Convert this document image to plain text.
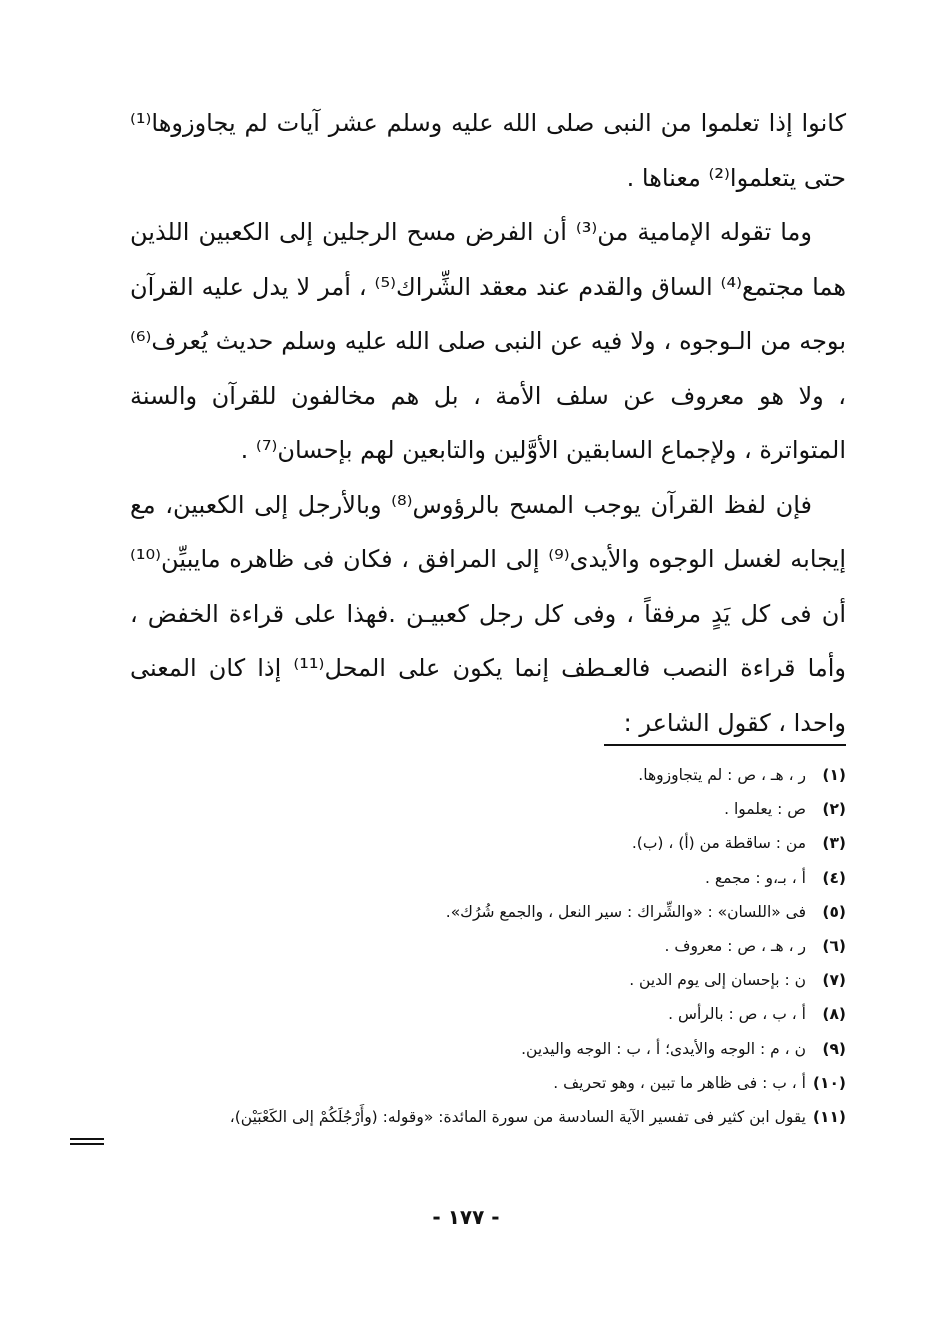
كانوا إذا تعلموا من النبى صلى الله عليه وسلم عشر آيات لم يجاوزوها⁽¹⁾ حتى يتعلموا⁽²⁾ معناها .

وما تقوله الإمامية من⁽³⁾ أن الفرض مسح الرجلين إلى الكعبين اللذين هما مجتمع⁽⁴⁾ الساق والقدم عند معقد الشِّراك⁽⁵⁾ ، أمر لا يدل عليه القرآن بوجه من الـوجوه ، ولا فيه عن النبى صلى الله عليه وسلم حديث يُعرف⁽⁶⁾ ، ولا هو معروف عن سلف الأمة ، بل هم مخالفون للقرآن والسنة المتواترة ، ولإجماع السابقين الأوَّلين والتابعين لهم بإحسان⁽⁷⁾ .

فإن لفظ القرآن يوجب المسح بالرؤوس⁽⁸⁾ وبالأرجل إلى الكعبين، مع إيجابه لغسل الوجوه والأيدى⁽⁹⁾ إلى المرافق ، فكان فى ظاهره مايبيِّن⁽¹⁰⁾ أن فى كل يَدٍ مرفقاً ، وفى كل رجل كعبيـن .فهذا على قراءة الخفض ، وأما قراءة النصب فالعـطف إنما يكون على المحل⁽¹¹⁾ إذا كان المعنى واحدا ، كقول الشاعر :

(١)
ر ، هـ ، ص : لم يتجاوزوها.
(٢)
ص : يعلموا .
(٣)
من : ساقطة من (أ) ، (ب).
(٤)
أ ، بـ،و : مجمع .
(٥)
فى «اللسان» : «والشِّراك : سير النعل ، والجمع شُرُك».
(٦)
ر ، هـ ، ص : معروف .
(٧)
ن : بإحسان إلى يوم الدين .
(٨)
أ ، ب ، ص : بالرأس .
(٩)
ن ، م : الوجه والأيدى؛ أ ، ب : الوجه واليدين.
(١٠)
أ ، ب : فى ظاهر ما تبين ، وهو تحريف .
(١١)
يقول ابن كثير فى تفسير الآية السادسة من سورة المائدة: «وقوله: (وأَرْجُلَكُمْ إلى الكَعْبَيْن)،
- ١٧٧ -
